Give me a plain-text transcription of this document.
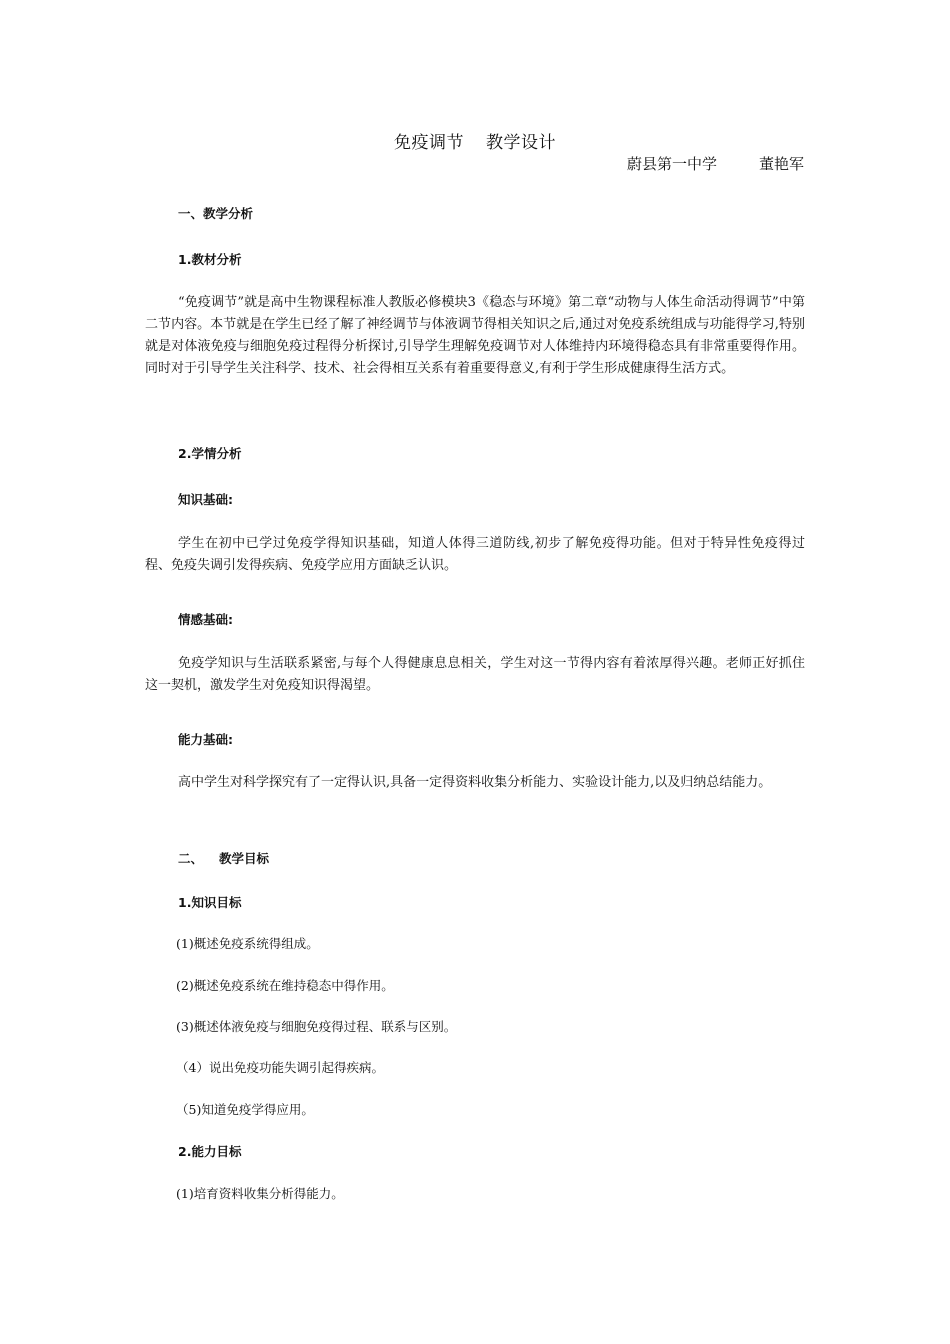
免疫调节 教学设计
蔚县第一中学	董艳军
一、教学分析
1.教材分析
“免疫调节”就是高中生物课程标准人教版必修模块3《稳态与环境》第二章“动物与人体生命活动得调节”中第二节内容。本节就是在学生已经了解了神经调节与体液调节得相关知识之后,通过对免疫系统组成与功能得学习,特别就是对体液免疫与细胞免疫过程得分析探讨,引导学生理解免疫调节对人体维持内环境得稳态具有非常重要得作用。同时对于引导学生关注科学、技术、社会得相互关系有着重要得意义,有利于学生形成健康得生活方式。
2.学情分析
知识基础:
学生在初中已学过免疫学得知识基础，知道人体得三道防线,初步了解免疫得功能。但对于特异性免疫得过程、免疫失调引发得疾病、免疫学应用方面缺乏认识。
情感基础:
免疫学知识与生活联系紧密,与每个人得健康息息相关，学生对这一节得内容有着浓厚得兴趣。老师正好抓住这一契机，激发学生对免疫知识得渴望。
能力基础:
高中学生对科学探究有了一定得认识,具备一定得资料收集分析能力、实验设计能力,以及归纳总结能力。
二、 教学目标
1.知识目标
(1)概述免疫系统得组成。
(2)概述免疫系统在维持稳态中得作用。
(3)概述体液免疫与细胞免疫得过程、联系与区别。
（4）说出免疫功能失调引起得疾病。
（5)知道免疫学得应用。
2.能力目标
(1)培育资料收集分析得能力。
